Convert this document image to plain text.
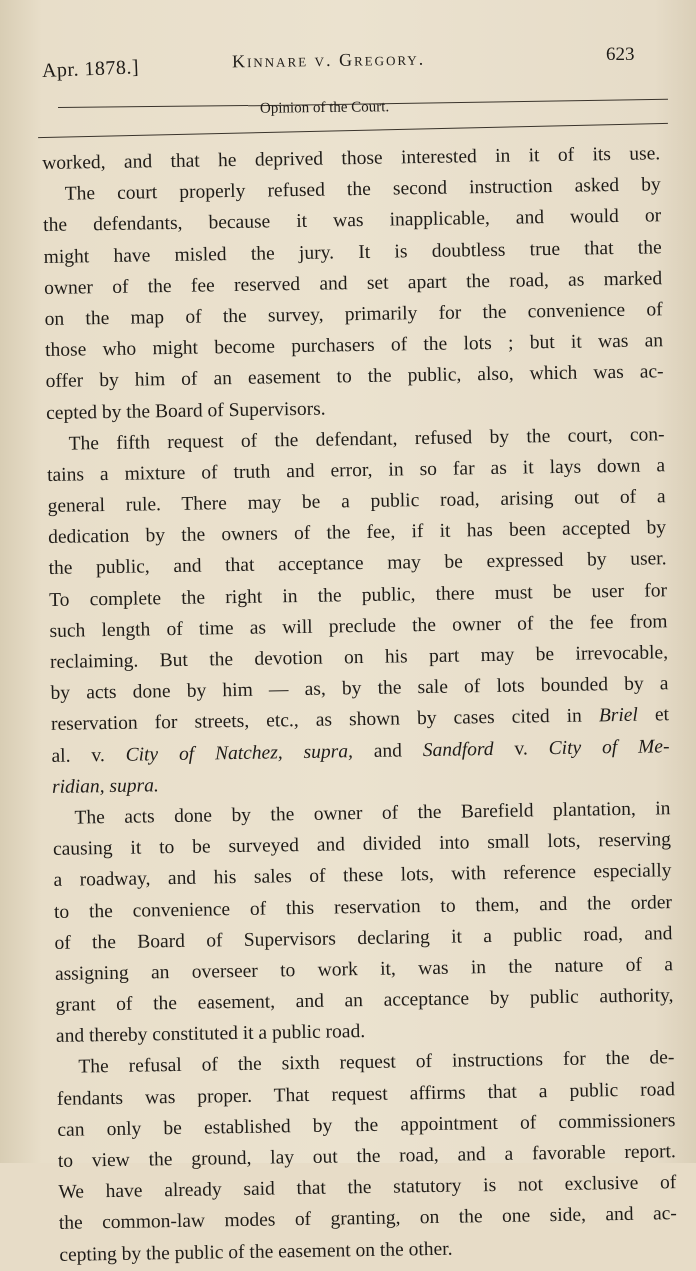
Apr. 1878.]	Kinnare v. Gregory.	623
Opinion of the Court.
worked, and that he deprived those interested in it of its use.
The court properly refused the second instruction asked by
the defendants, because it was inapplicable, and would or
might have misled the jury. It is doubtless true that the
owner of the fee reserved and set apart the road, as marked
on the map of the survey, primarily for the convenience of
those who might become purchasers of the lots ; but it was an
offer by him of an easement to the public, also, which was ac-
cepted by the Board of Supervisors.
The fifth request of the defendant, refused by the court, con-
tains a mixture of truth and error, in so far as it lays down a
general rule. There may be a public road, arising out of a
dedication by the owners of the fee, if it has been accepted by
the public, and that acceptance may be expressed by user.
To complete the right in the public, there must be user for
such length of time as will preclude the owner of the fee from
reclaiming. But the devotion on his part may be irrevocable,
by acts done by him — as, by the sale of lots bounded by a
reservation for streets, etc., as shown by cases cited in Briel et
al. v. City of Natchez, supra, and Sandford v. City of Me-
ridian, supra.
The acts done by the owner of the Barefield plantation, in
causing it to be surveyed and divided into small lots, reserving
a roadway, and his sales of these lots, with reference especially
to the convenience of this reservation to them, and the order
of the Board of Supervisors declaring it a public road, and
assigning an overseer to work it, was in the nature of a
grant of the easement, and an acceptance by public authority,
and thereby constituted it a public road.
The refusal of the sixth request of instructions for the de-
fendants was proper. That request affirms that a public road
can only be established by the appointment of commissioners
to view the ground, lay out the road, and a favorable report.
We have already said that the statutory is not exclusive of
the common-law modes of granting, on the one side, and ac-
cepting by the public of the easement on the other.
